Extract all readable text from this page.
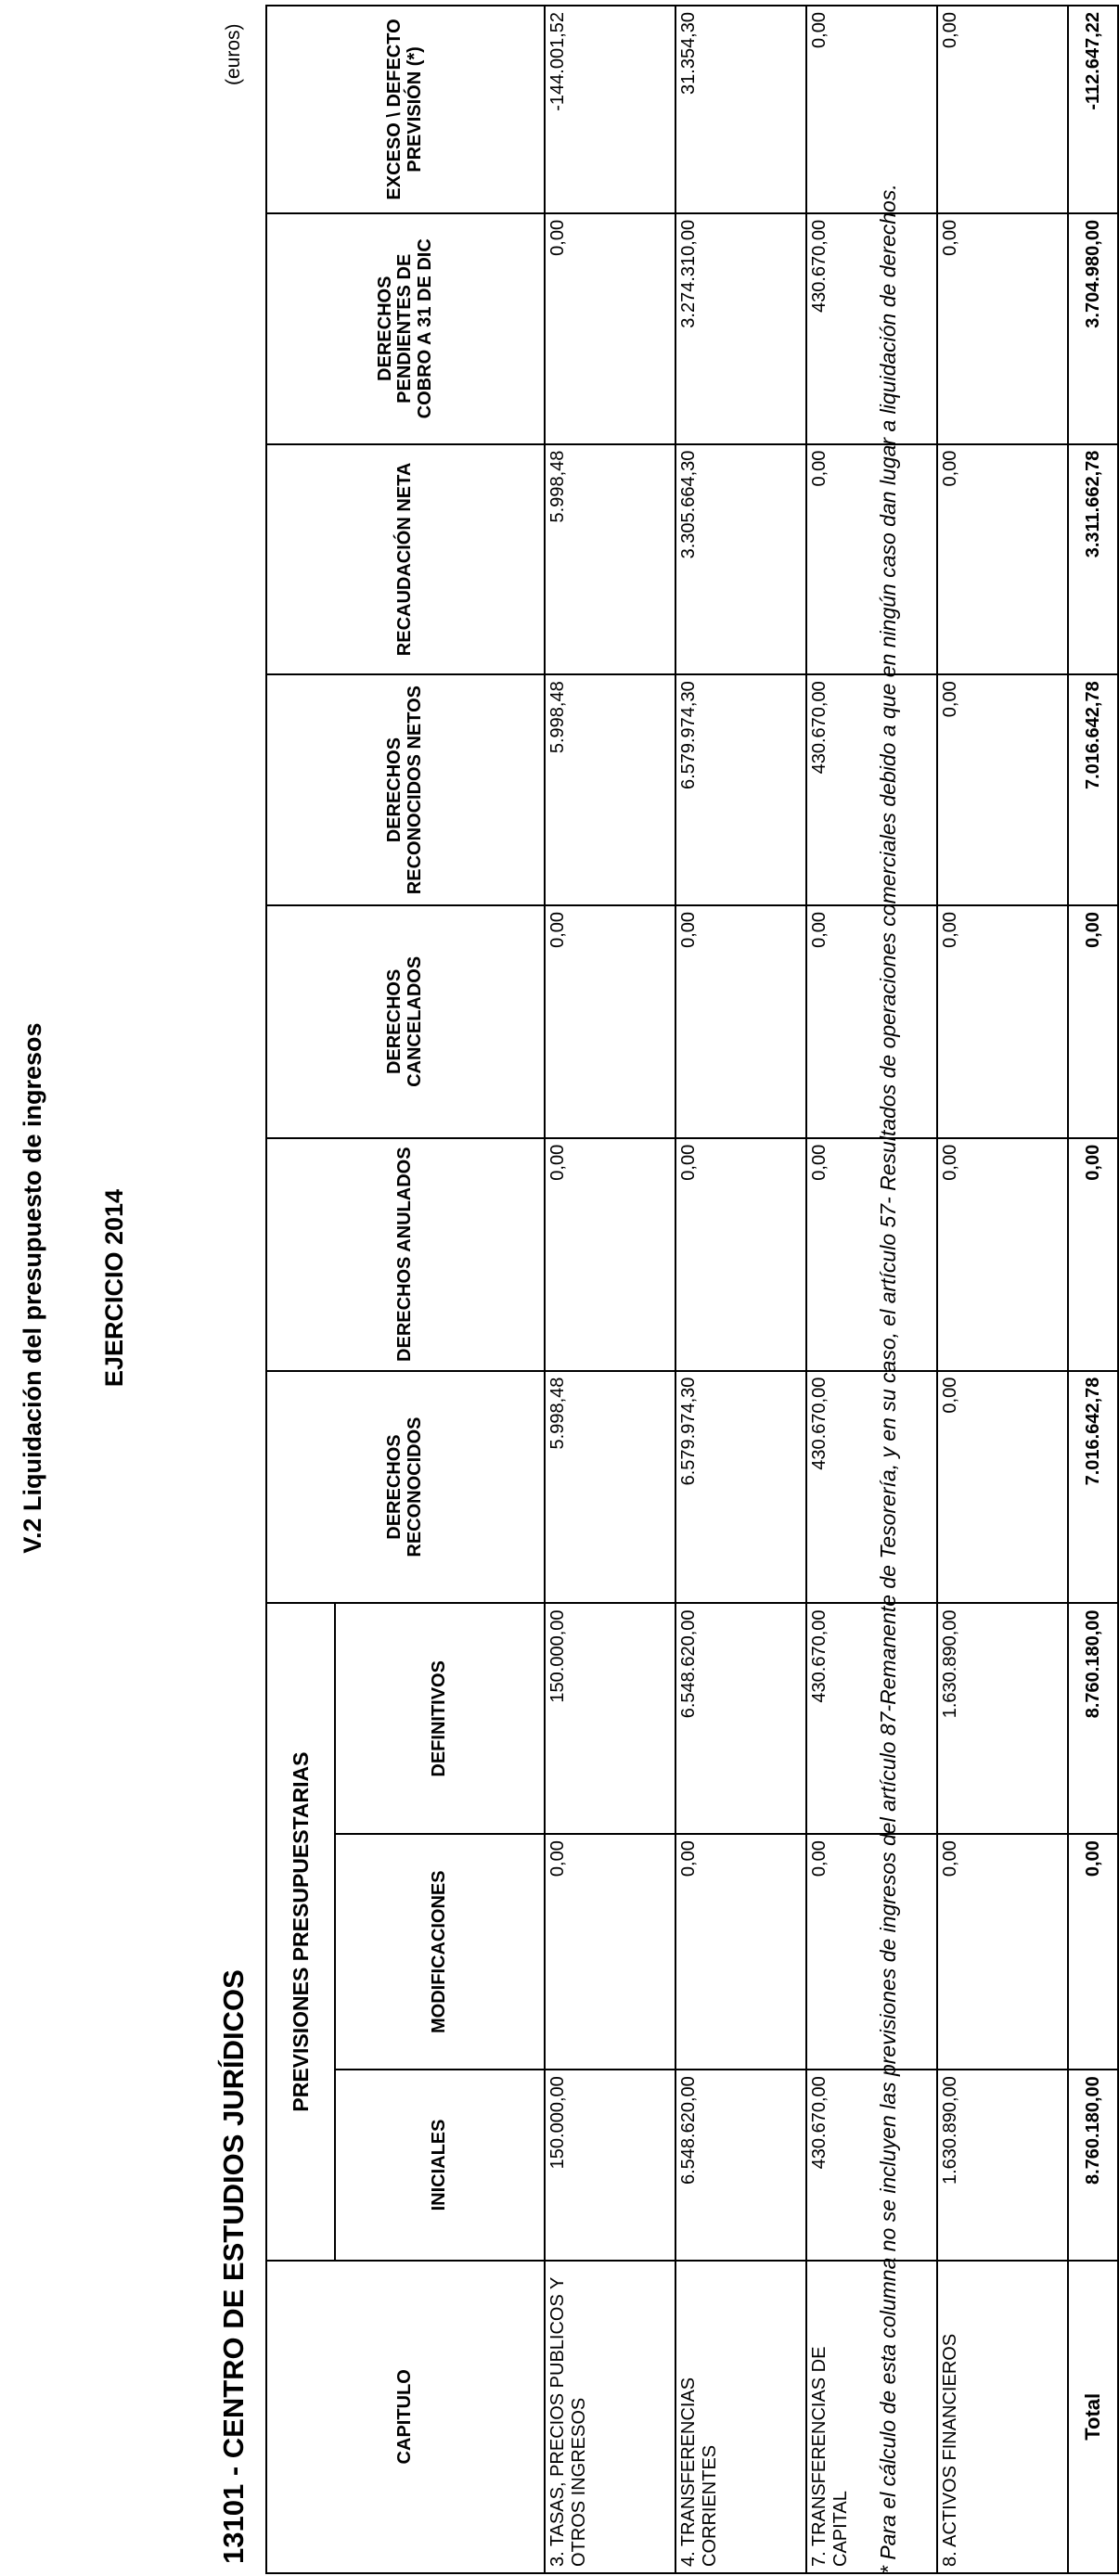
V.2 Liquidación del presupuesto de ingresos EJERCICIO 2014
13101 - CENTRO DE ESTUDIOS JURÍDICOS
(euros)
CAPITULO	PREVISIONES PRESUPUESTARIAS			DERECHOS RECONOCIDOS	DERECHOS ANULADOS	DERECHOS CANCELADOS	DERECHOS RECONOCIDOS NETOS	RECAUDACIÓN NETA	DERECHOS PENDIENTES DE COBRO A 31 DE DIC	EXCESO \ DEFECTO PREVISIÓN (*)
	INICIALES	MODIFICACIONES	DEFINITIVOS							
3. TASAS, PRECIOS PUBLICOS Y OTROS INGRESOS	150.000,00	0,00	150.000,00	5.998,48	0,00	0,00	5.998,48	5.998,48	0,00	-144.001,52
4. TRANSFERENCIAS CORRIENTES	6.548.620,00	0,00	6.548.620,00	6.579.974,30	0,00	0,00	6.579.974,30	3.305.664,30	3.274.310,00	31.354,30
7. TRANSFERENCIAS DE CAPITAL	430.670,00	0,00	430.670,00	430.670,00	0,00	0,00	430.670,00	0,00	430.670,00	0,00
8. ACTIVOS FINANCIEROS	1.630.890,00	0,00	1.630.890,00	0,00	0,00	0,00	0,00	0,00	0,00	0,00
Total	8.760.180,00	0,00	8.760.180,00	7.016.642,78	0,00	0,00	7.016.642,78	3.311.662,78	3.704.980,00	-112.647,22
* Para el cálculo de esta columna no se incluyen las previsiones de ingresos del artículo 87-Remanente de Tesorería, y en su caso, el artículo 57- Resultados de operaciones comerciales debido a que en ningún caso dan lugar a liquidación de derechos.
